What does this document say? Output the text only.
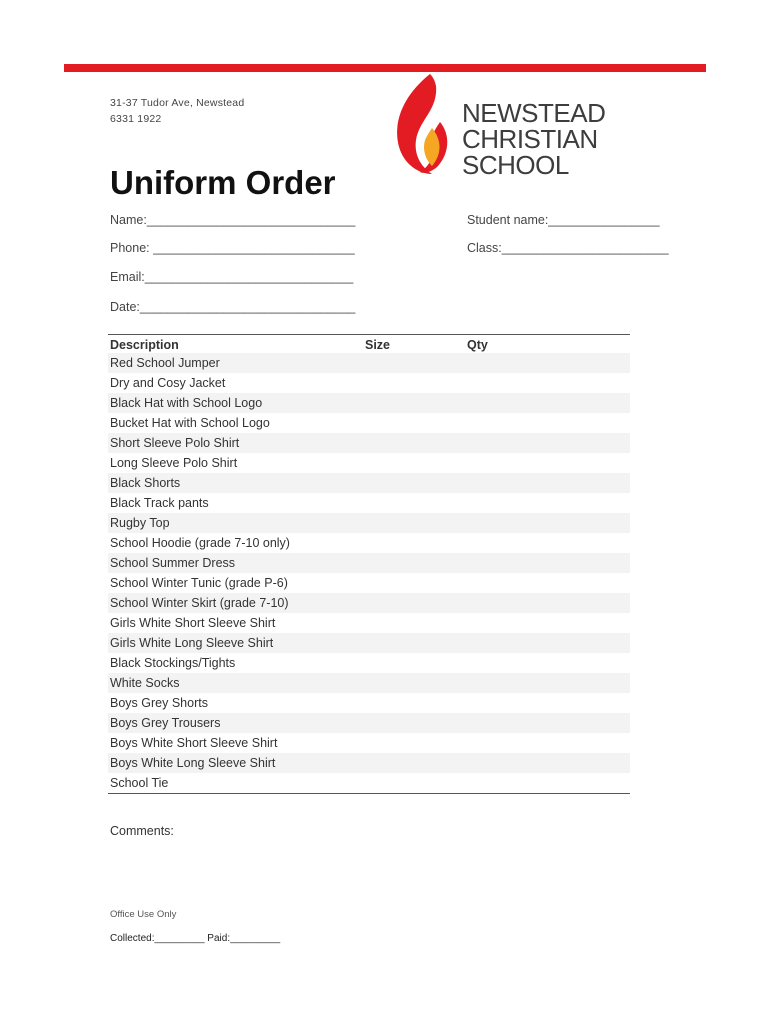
31-37 Tudor Ave, Newstead
6331 1922	NEWSTEAD
CHRISTIAN
SCHOOL
Uniform Order
Name:______________________________	Student name:________________
Phone: _____________________________	Class:________________________
Email:______________________________
Date:_______________________________
Description	Size	Qty
Red School Jumper
Dry and Cosy Jacket
Black Hat with School Logo
Bucket Hat with School Logo
Short Sleeve Polo Shirt
Long Sleeve Polo Shirt
Black Shorts
Black Track pants
Rugby Top
School Hoodie (grade 7-10 only)
School Summer Dress
School Winter Tunic (grade P-6)
School Winter Skirt (grade 7-10)
Girls White Short Sleeve Shirt
Girls White Long Sleeve Shirt
Black Stockings/Tights
White Socks
Boys Grey Shorts
Boys Grey Trousers
Boys White Short Sleeve Shirt
Boys White Long Sleeve Shirt
School Tie
Comments:
Office Use Only
Collected:_________ Paid:_________
